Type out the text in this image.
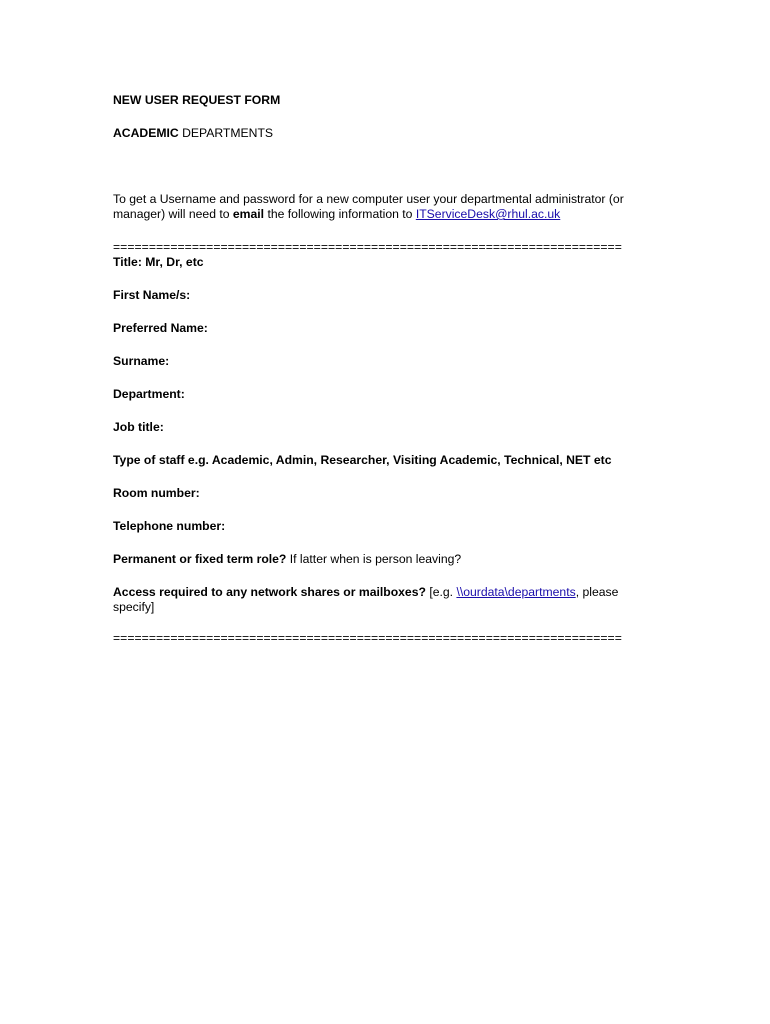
NEW USER REQUEST FORM
ACADEMIC DEPARTMENTS
To get a Username and password for a new computer user your departmental administrator (or
manager) will need to email the following information to ITServiceDesk@rhul.ac.uk
=======================================================================
Title: Mr, Dr, etc
First Name/s:
Preferred Name:
Surname:
Department:
Job title:
Type of staff e.g. Academic, Admin, Researcher, Visiting Academic, Technical, NET etc
Room number:
Telephone number:
Permanent or fixed term role? If latter when is person leaving?
Access required to any network shares or mailboxes? [e.g. \\ourdata\departments, please
specify]
=======================================================================
